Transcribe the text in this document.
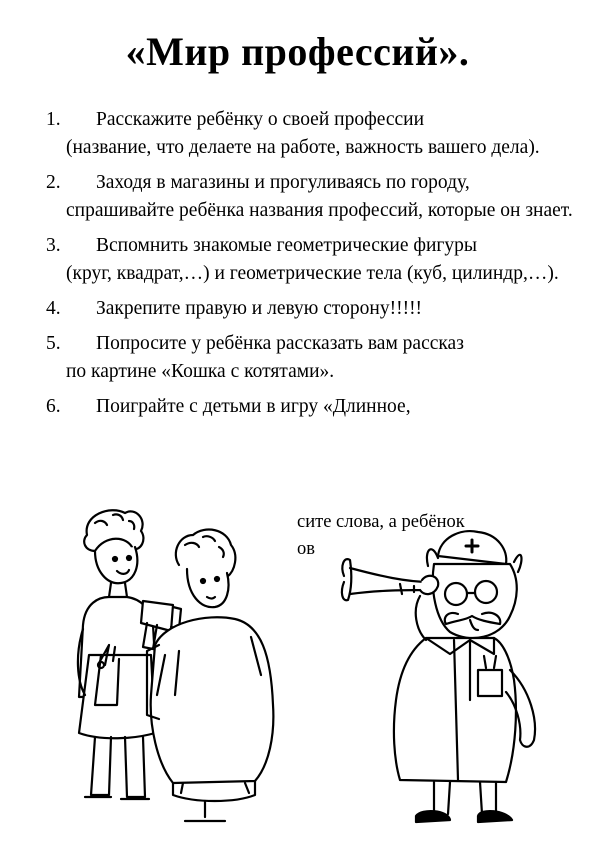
«Мир профессий».
1.	Расскажите ребёнку о своей профессии
(название, что делаете на работе, важность вашего дела).
2.	Заходя в магазины и прогуливаясь по городу,
спрашивайте ребёнка названия профессий, которые он знает.
3.	Вспомнить знакомые геометрические фигуры
(круг, квадрат,…) и геометрические тела (куб, цилиндр,…).
4.	Закрепите правую и левую сторону!!!!!
5.	Попросите у ребёнка рассказать вам рассказ
по картине «Кошка с котятами».
6.	Поиграйте с детьми в игру «Длинное,
сите слова, а ребёнок
ов
